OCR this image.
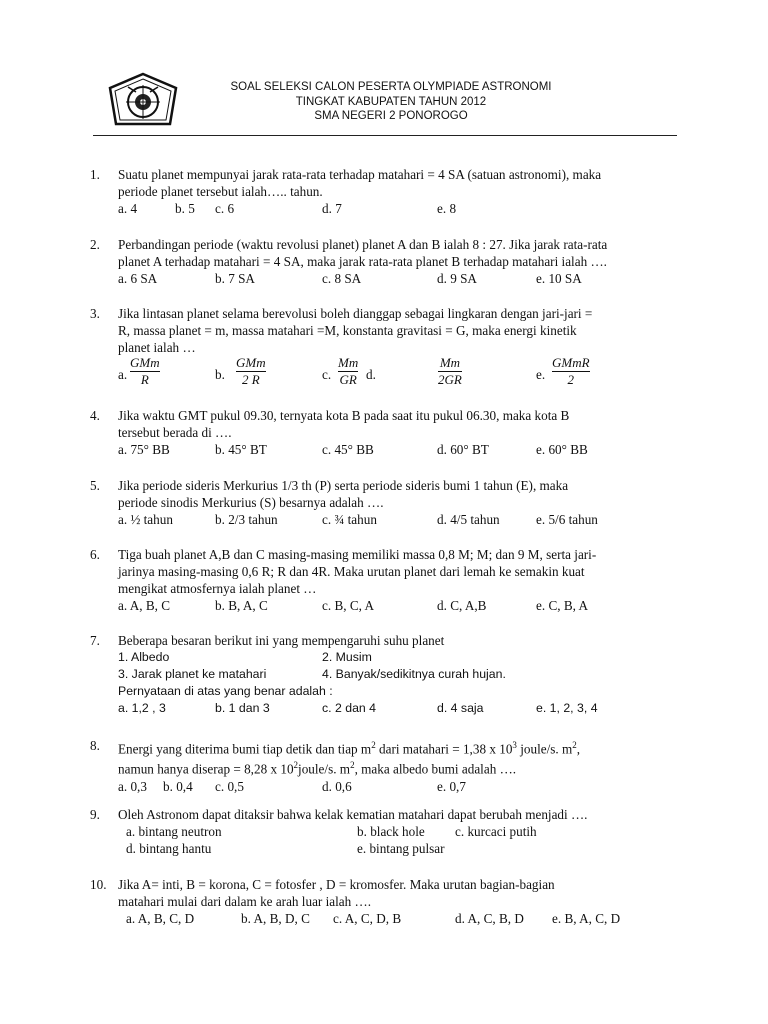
SOAL SELEKSI CALON PESERTA OLYMPIADE ASTRONOMI
TINGKAT KABUPATEN TAHUN 2012
SMA NEGERI 2 PONOROGO
1. Suatu planet mempunyai jarak rata-rata terhadap matahari = 4 SA (satuan astronomi), maka
periode planet tersebut ialah….. tahun.
a. 4	b. 5 c. 6	d. 7	e. 8
2. Perbandingan periode (waktu revolusi planet) planet A dan B ialah 8 : 27. Jika jarak rata-rata
planet A terhadap matahari = 4 SA, maka jarak rata-rata planet B terhadap matahari ialah ….
a. 6 SA	b. 7 SA	c. 8 SA	d. 9 SA	e. 10 SA
3. Jika lintasan planet selama berevolusi boleh dianggap sebagai lingkaran dengan jari-jari =
R, massa planet = m, massa matahari =M, konstanta gravitasi = G, maka energi kinetik
planet ialah …
a.
GMm
R	b.
GMm
2 R	c.
Mm
GR d.
Mm
2GR	e.
GMmR
2
4. Jika waktu GMT pukul 09.30, ternyata kota B pada saat itu pukul 06.30, maka kota B
tersebut berada di ….
a. 75° BB	b. 45° BT	c. 45° BB	d. 60° BT	e. 60° BB
5. Jika periode sideris Merkurius 1/3 th (P) serta periode sideris bumi 1 tahun (E), maka
periode sinodis Merkurius (S) besarnya adalah ….
a. ½ tahun	b. 2/3 tahun	c. ¾ tahun	d. 4/5 tahun	e. 5/6 tahun
6. Tiga buah planet A,B dan C masing-masing memiliki massa 0,8 M; M; dan 9 M, serta jari-
jarinya masing-masing 0,6 R; R dan 4R. Maka urutan planet dari lemah ke semakin kuat
mengikat atmosfernya ialah planet …
a. A, B, C	b. B, A, C	c. B, C, A	d. C, A,B	e. C, B, A
7. Beberapa besaran berikut ini yang mempengaruhi suhu planet
1. Albedo	2. Musim
3. Jarak planet ke matahari	4. Banyak/sedikitnya curah hujan.
Pernyataan di atas yang benar adalah :
a. 1,2 , 3	b. 1 dan 3	c. 2 dan 4	d. 4 saja	e. 1, 2, 3, 4
8. Energi yang diterima bumi tiap detik dan tiap $m^2$ dari matahari = 1,38 x $10^3$ joule/s. $m^2$,
namun hanya diserap = 8,28 x $10^2joule/s$. $m^2$, maka albedo bumi adalah ….
a. 0,3 b. 0,4 c. 0,5	d. 0,6	e. 0,7
9. Oleh Astronom dapat ditaksir bahwa kelak kematian matahari dapat berubah menjadi ….
a. bintang neutron	b. black hole c. kurcaci putih
d. bintang hantu	e. bintang pulsar
10. Jika A= inti, B = korona, C = fotosfer , D = kromosfer. Maka urutan bagian-bagian
matahari mulai dari dalam ke arah luar ialah ….
a. A, B, C, D	b. A, B, D, C c. A, C, D, B	d. A, C, B, D e. B, A, C, D
